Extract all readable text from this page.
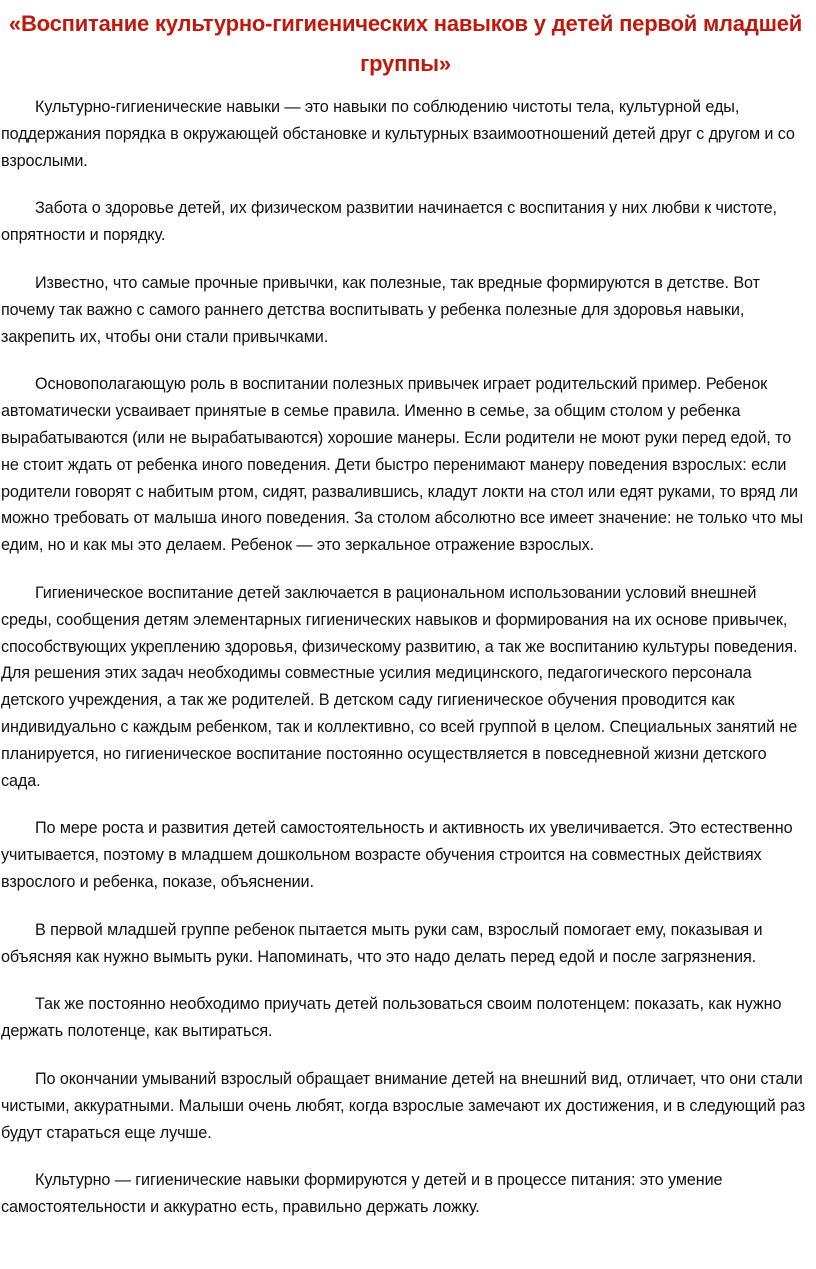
«Воспитание культурно-гигиенических навыков у детей первой младшей группы»

Культурно-гигиенические навыки — это навыки по соблюдению чистоты тела, культурной еды, поддержания порядка в окружающей обстановке и культурных взаимоотношений детей друг с другом и со взрослыми.

Забота о здоровье детей, их физическом развитии начинается с воспитания у них любви к чистоте, опрятности и порядку.

Известно, что самые прочные привычки, как полезные, так вредные формируются в детстве. Вот почему так важно с самого раннего детства воспитывать у ребенка полезные для здоровья навыки, закрепить их, чтобы они стали привычками.

Основополагающую роль в воспитании полезных привычек играет родительский пример. Ребенок автоматически усваивает принятые в семье правила. Именно в семье, за общим столом у ребенка вырабатываются (или не вырабатываются) хорошие манеры. Если родители не моют руки перед едой, то не стоит ждать от ребенка иного поведения. Дети быстро перенимают манеру поведения взрослых: если родители говорят с набитым ртом, сидят, развалившись, кладут локти на стол или едят руками, то вряд ли можно требовать от малыша иного поведения. За столом абсолютно все имеет значение: не только что мы едим, но и как мы это делаем. Ребенок — это зеркальное отражение взрослых.

Гигиеническое воспитание детей заключается в рациональном использовании условий внешней среды, сообщения детям элементарных гигиенических навыков и формирования на их основе привычек, способствующих укреплению здоровья, физическому развитию, а так же воспитанию культуры поведения. Для решения этих задач необходимы совместные усилия медицинского, педагогического персонала детского учреждения, а так же родителей. В детском саду гигиеническое обучения проводится как индивидуально с каждым ребенком, так и коллективно, со всей группой в целом. Специальных занятий не планируется, но гигиеническое воспитание постоянно осуществляется в повседневной жизни детского сада.

По мере роста и развития детей самостоятельность и активность их увеличивается. Это естественно учитывается, поэтому в младшем дошкольном возрасте обучения строится на совместных действиях взрослого и ребенка, показе, объяснении.

В первой младшей группе ребенок пытается мыть руки сам, взрослый помогает ему, показывая и объясняя как нужно вымыть руки. Напоминать, что это надо делать перед едой и после загрязнения.

Так же постоянно необходимо приучать детей пользоваться своим полотенцем: показать, как нужно держать полотенце, как вытираться.

По окончании умываний взрослый обращает внимание детей на внешний вид, отличает, что они стали чистыми, аккуратными. Малыши очень любят, когда взрослые замечают их достижения, и в следующий раз будут стараться еще лучше.

Культурно — гигиенические навыки формируются у детей и в процессе питания: это умение самостоятельности и аккуратно есть, правильно держать ложку.
